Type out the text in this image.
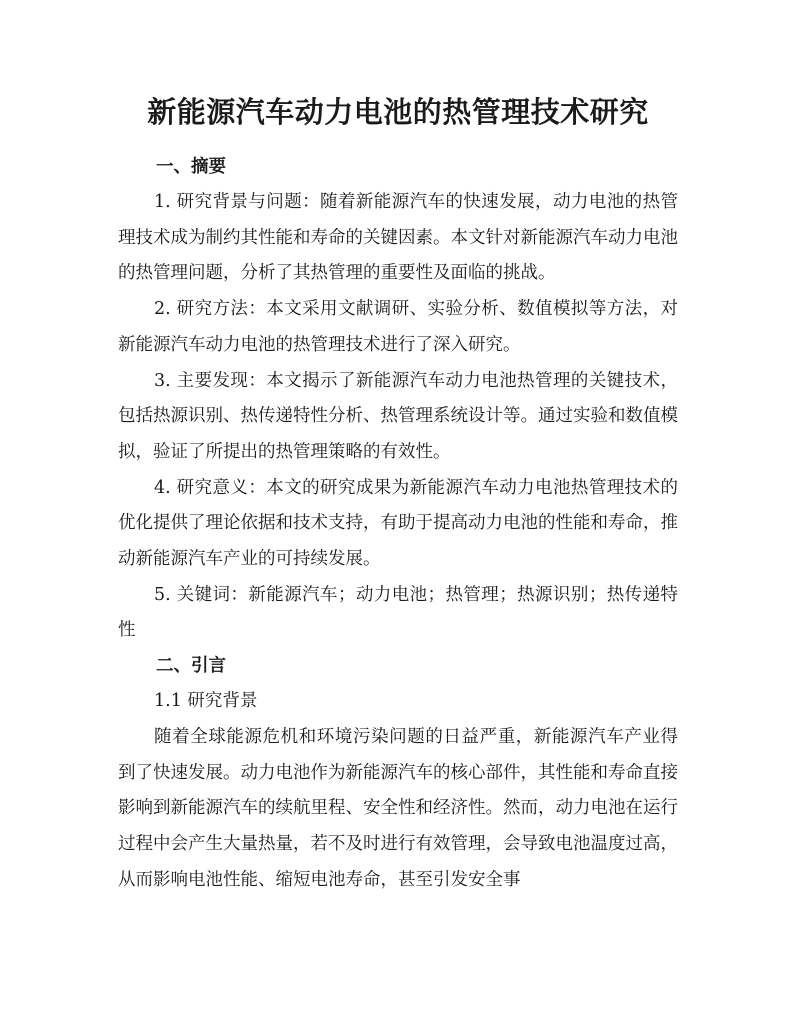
新能源汽车动力电池的热管理技术研究
一、摘要

1. 研究背景与问题：随着新能源汽车的快速发展，动力电池的热管理技术成为制约其性能和寿命的关键因素。本文针对新能源汽车动力电池的热管理问题，分析了其热管理的重要性及面临的挑战。

2. 研究方法：本文采用文献调研、实验分析、数值模拟等方法，对新能源汽车动力电池的热管理技术进行了深入研究。

3. 主要发现：本文揭示了新能源汽车动力电池热管理的关键技术，包括热源识别、热传递特性分析、热管理系统设计等。通过实验和数值模拟，验证了所提出的热管理策略的有效性。

4. 研究意义：本文的研究成果为新能源汽车动力电池热管理技术的优化提供了理论依据和技术支持，有助于提高动力电池的性能和寿命，推动新能源汽车产业的可持续发展。

5. 关键词：新能源汽车；动力电池；热管理；热源识别；热传递特性

二、引言

1.1 研究背景

随着全球能源危机和环境污染问题的日益严重，新能源汽车产业得到了快速发展。动力电池作为新能源汽车的核心部件，其性能和寿命直接影响到新能源汽车的续航里程、安全性和经济性。然而，动力电池在运行过程中会产生大量热量，若不及时进行有效管理，会导致电池温度过高，从而影响电池性能、缩短电池寿命，甚至引发安全事
